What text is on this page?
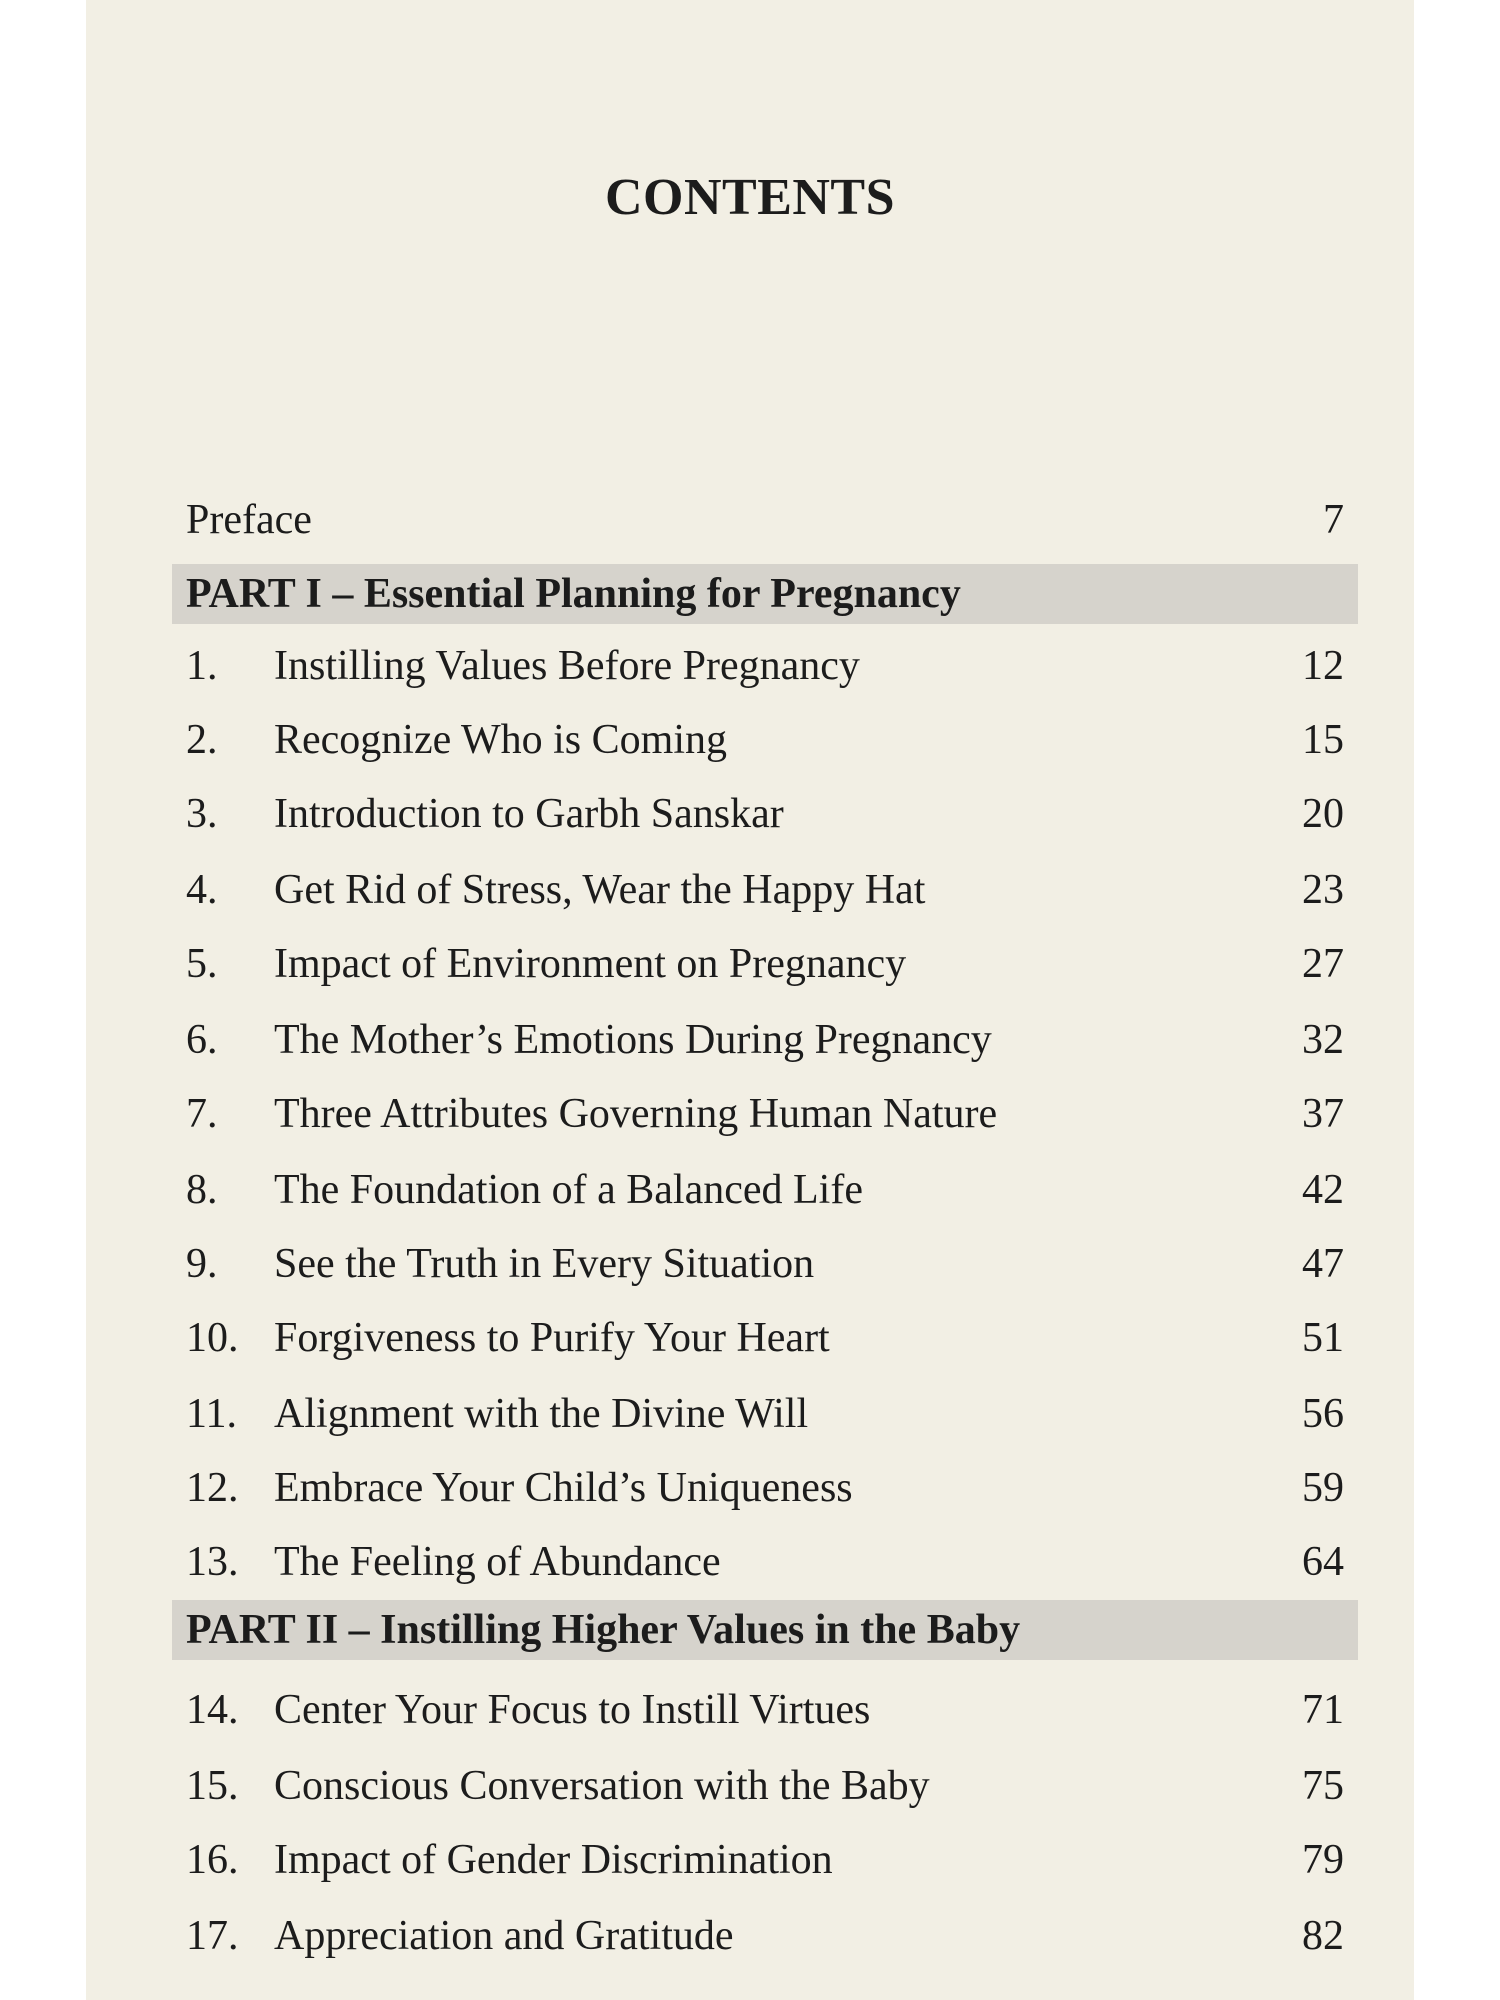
CONTENTS
Preface	7
PART I – Essential Planning for Pregnancy
1.	Instilling Values Before Pregnancy	12
2.	Recognize Who is Coming	15
3.	Introduction to Garbh Sanskar	20
4.	Get Rid of Stress, Wear the Happy Hat	23
5.	Impact of Environment on Pregnancy	27
6.	The Mother’s Emotions During Pregnancy	32
7.	Three Attributes Governing Human Nature	37
8.	The Foundation of a Balanced Life	42
9.	See the Truth in Every Situation	47
10. Forgiveness to Purify Your Heart	51
11. Alignment with the Divine Will	56
12. Embrace Your Child’s Uniqueness	59
13. The Feeling of Abundance	64
PART II – Instilling Higher Values in the Baby
14. Center Your Focus to Instill Virtues	71
15. Conscious Conversation with the Baby	75
16. Impact of Gender Discrimination	79
17. Appreciation and Gratitude	82
